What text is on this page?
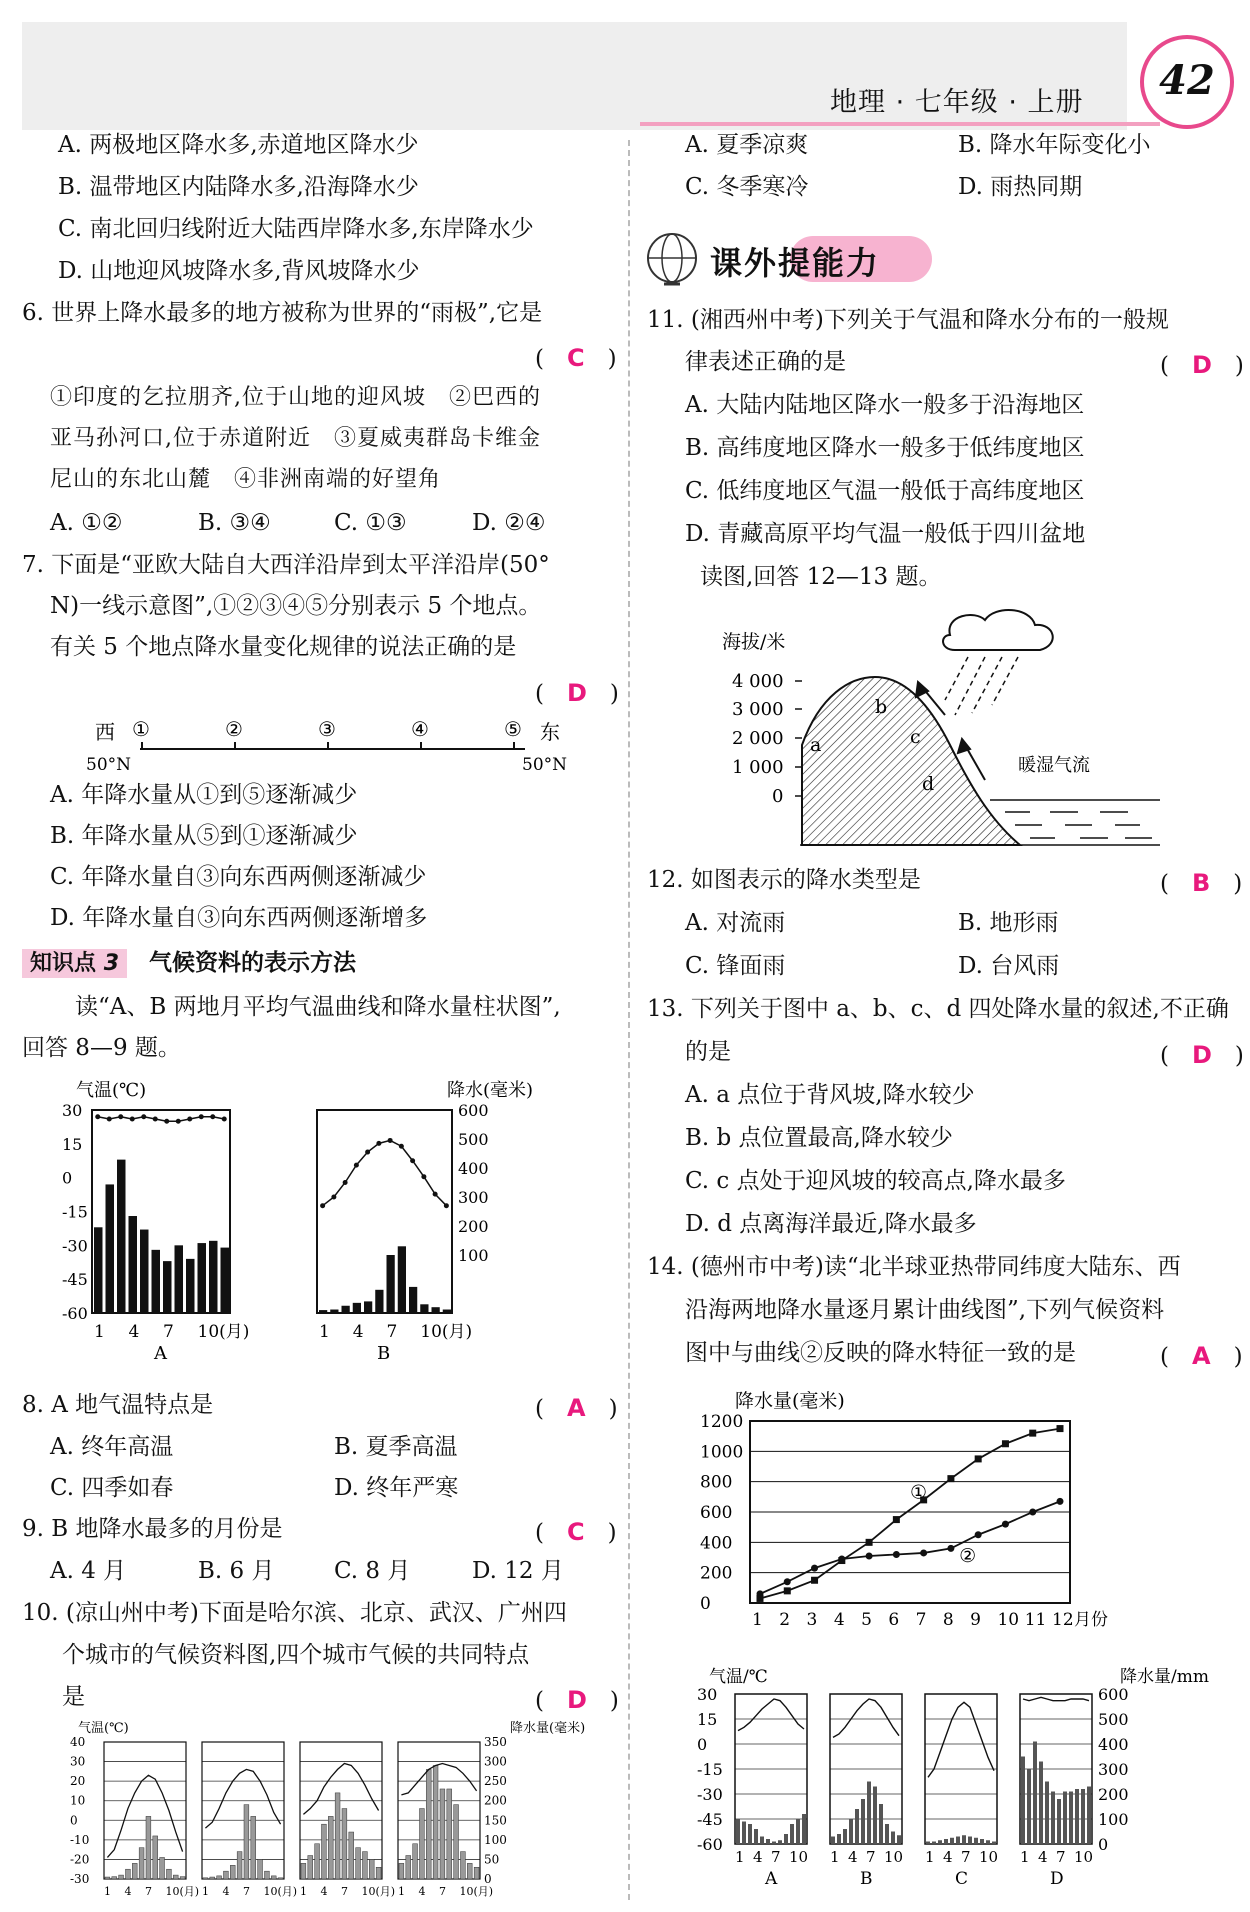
地理 · 七年级 · 上册	42
A. 两极地区降水多,赤道地区降水少
B. 温带地区内陆降水多,沿海降水少
C. 南北回归线附近大陆西岸降水多,东岸降水少
D. 山地迎风坡降水多,背风坡降水少
6. 世界上降水最多的地方被称为世界的“雨极”,它是
(　C　)
①印度的乞拉朋齐,位于山地的迎风坡　②巴西的
亚马孙河口,位于赤道附近　③夏威夷群岛卡维金
尼山的东北山麓　④非洲南端的好望角
A. ①②	B. ③④	C. ①③	D. ②④
7. 下面是“亚欧大陆自大西洋沿岸到太平洋沿岸(50°
N)一线示意图”,①②③④⑤分别表示 5 个地点。
有关 5 个地点降水量变化规律的说法正确的是
(　D　)
西	东
50°N	50°N
①	②	③	④	⑤
A. 年降水量从①到⑤逐渐减少
B. 年降水量从⑤到①逐渐减少
C. 年降水量自③向东西两侧逐渐减少
D. 年降水量自③向东西两侧逐渐增多
知识点 3 气候资料的表示方法
读“A、B 两地月平均气温曲线和降水量柱状图”,
回答 8—9 题。
气温(℃)	降水(毫米)
30
15
0
-15
-30
-45
-60
1 4 7 10(月)
A
600
500
400
300
200
100
1 4 7 10(月)
B
8. A 地气温特点是	(　A　)
A. 终年高温	B. 夏季高温
C. 四季如春	D. 终年严寒
9. B 地降水最多的月份是	(　C　)
A. 4 月	B. 6 月	C. 8 月	D. 12 月
10. (凉山州中考)下面是哈尔滨、北京、武汉、广州四
个城市的气候资料图,四个城市气候的共同特点
是	(　D　)
气温(℃)	降水量(毫米)
40
30
20
10
0
-10
-20
-30
350
300
250
200
150
100
50
0
1 4 7 10(月) 1 4 7 10(月) 1 4 7 10(月) 1 4 7 10(月)
A. 夏季凉爽	B. 降水年际变化小
C. 冬季寒冷	D. 雨热同期
课外提能力
11. (湘西州中考)下列关于气温和降水分布的一般规
律表述正确的是	(　D　)
A. 大陆内陆地区降水一般多于沿海地区
B. 高纬度地区降水一般多于低纬度地区
C. 低纬度地区气温一般低于高纬度地区
D. 青藏高原平均气温一般低于四川盆地
读图,回答 12—13 题。
海拔/米
4 000
3 000
2 000
1 000
0
a
b
c
d
暖湿气流
12. 如图表示的降水类型是	(　B　)
A. 对流雨	B. 地形雨
C. 锋面雨	D. 台风雨
13. 下列关于图中 a、b、c、d 四处降水量的叙述,不正确
的是	(　D　)
A. a 点位于背风坡,降水较少
B. b 点位置最高,降水较少
C. c 点处于迎风坡的较高点,降水最多
D. d 点离海洋最近,降水最多
14. (德州市中考)读“北半球亚热带同纬度大陆东、西
沿海两地降水量逐月累计曲线图”,下列气候资料
图中与曲线②反映的降水特征一致的是	(　A　)
降水量(毫米)
1200
1000
800
600
400
200
0
1 2 3 4 5 6 7 8 9 10 11 12 月份
①
②
气温/℃	降水量/mm
30
15
0
-15
-30
-45
-60
600
500
400
300
200
100
0
1 4 7 10
A
1 4 7 10
B
1 4 7 10
C
1 4 7 10
D
